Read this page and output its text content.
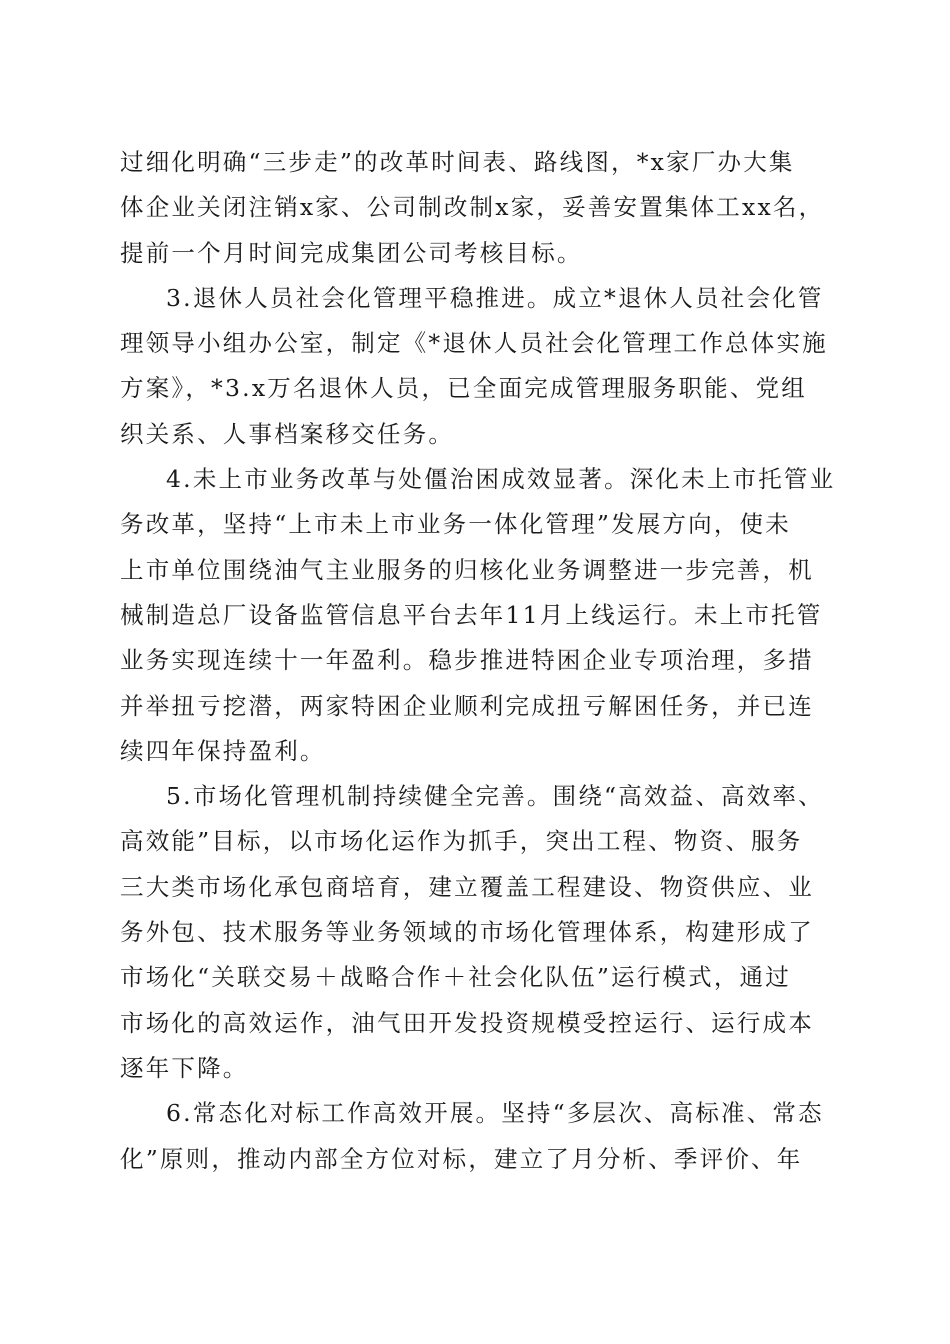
过细化明确“三步走”的改革时间表、路线图，*x家厂办大集
体企业关闭注销x家、公司制改制x家，妥善安置集体工xx名，
提前一个月时间完成集团公司考核目标。
3.退休人员社会化管理平稳推进。成立*退休人员社会化管
理领导小组办公室，制定《*退休人员社会化管理工作总体实施
方案》，*3.x万名退休人员，已全面完成管理服务职能、党组
织关系、人事档案移交任务。
4.未上市业务改革与处僵治困成效显著。深化未上市托管业
务改革，坚持“上市未上市业务一体化管理”发展方向，使未
上市单位围绕油气主业服务的归核化业务调整进一步完善，机
械制造总厂设备监管信息平台去年11月上线运行。未上市托管
业务实现连续十一年盈利。稳步推进特困企业专项治理，多措
并举扭亏挖潜，两家特困企业顺利完成扭亏解困任务，并已连
续四年保持盈利。
5.市场化管理机制持续健全完善。围绕“高效益、高效率、
高效能”目标，以市场化运作为抓手，突出工程、物资、服务
三大类市场化承包商培育，建立覆盖工程建设、物资供应、业
务外包、技术服务等业务领域的市场化管理体系，构建形成了
市场化“关联交易＋战略合作＋社会化队伍”运行模式，通过
市场化的高效运作，油气田开发投资规模受控运行、运行成本
逐年下降。
6.常态化对标工作高效开展。坚持“多层次、高标准、常态
化”原则，推动内部全方位对标，建立了月分析、季评价、年
